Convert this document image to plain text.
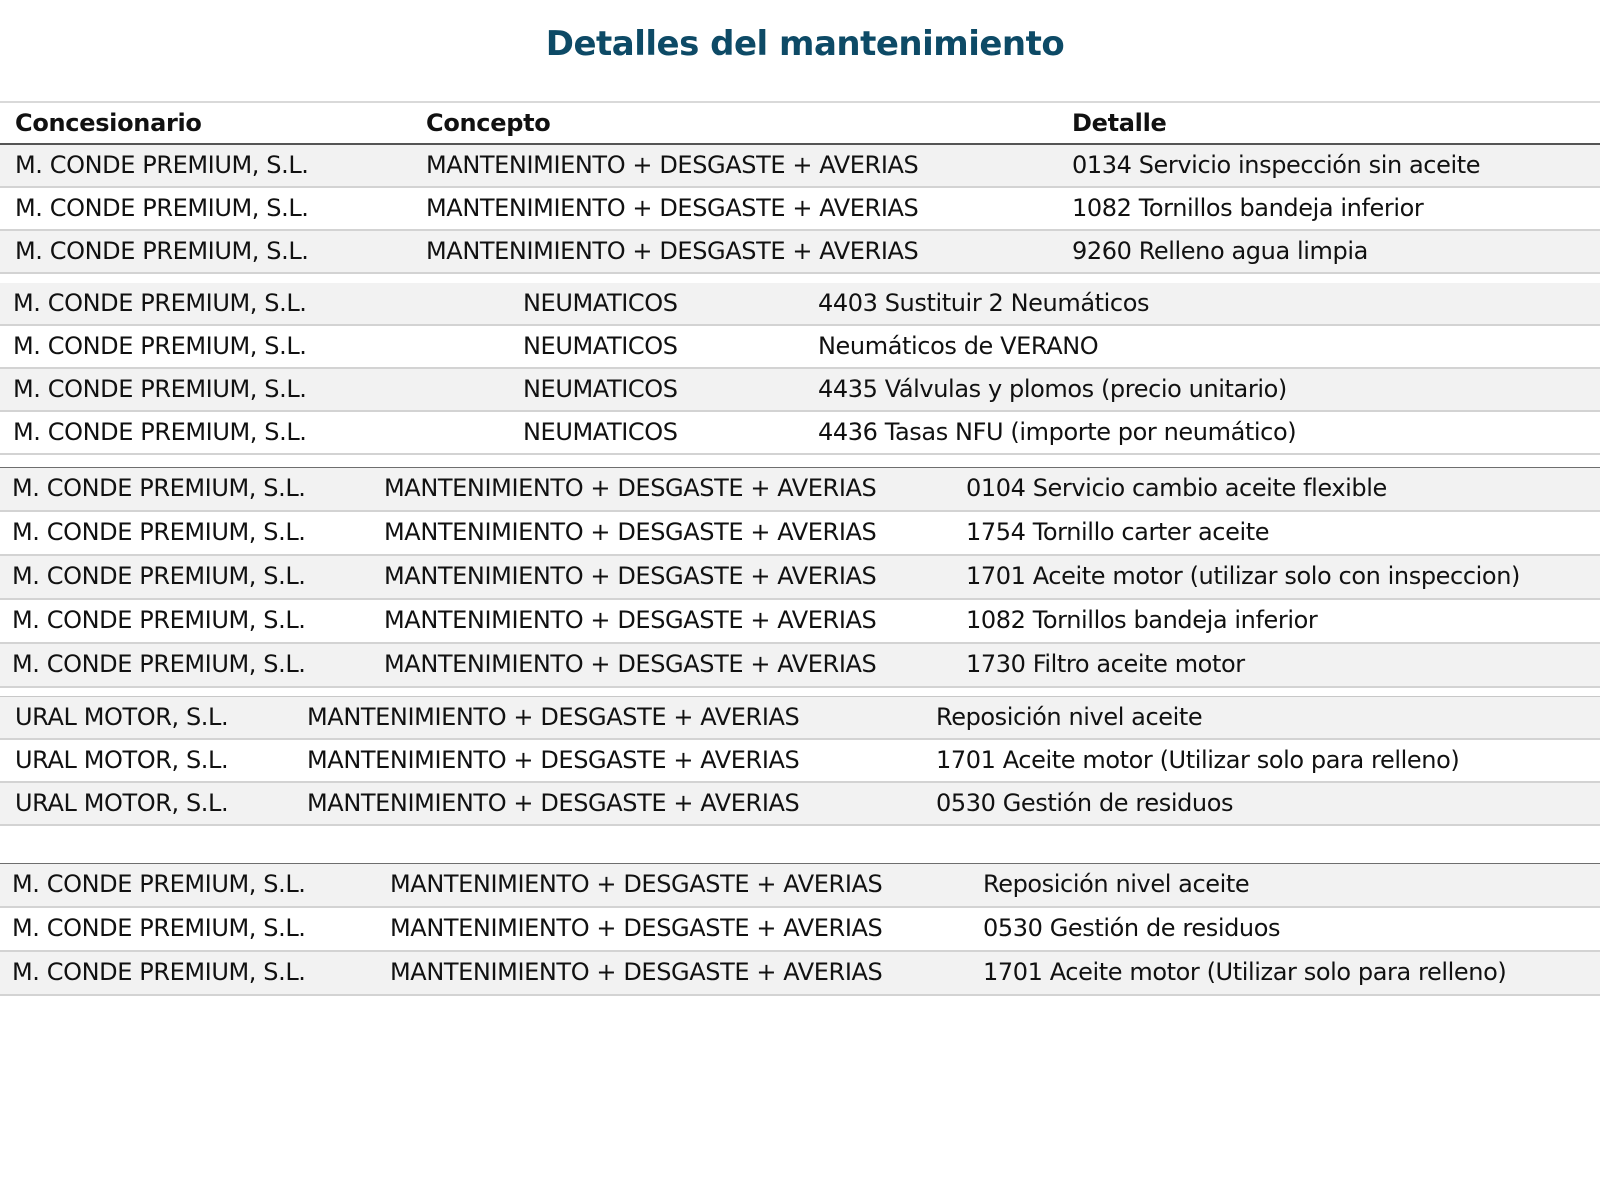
Detalles del mantenimiento
Concesionario	Concepto	Detalle
M. CONDE PREMIUM, S.L.	MANTENIMIENTO + DESGASTE + AVERIAS	0134 Servicio inspección sin aceite
M. CONDE PREMIUM, S.L.	MANTENIMIENTO + DESGASTE + AVERIAS	1082 Tornillos bandeja inferior
M. CONDE PREMIUM, S.L.	MANTENIMIENTO + DESGASTE + AVERIAS	9260 Relleno agua limpia
M. CONDE PREMIUM, S.L.	NEUMATICOS	4403 Sustituir 2 Neumáticos
M. CONDE PREMIUM, S.L.	NEUMATICOS	Neumáticos de VERANO
M. CONDE PREMIUM, S.L.	NEUMATICOS	4435 Válvulas y plomos (precio unitario)
M. CONDE PREMIUM, S.L.	NEUMATICOS	4436 Tasas NFU (importe por neumático)
M. CONDE PREMIUM, S.L.	MANTENIMIENTO + DESGASTE + AVERIAS	0104 Servicio cambio aceite flexible
M. CONDE PREMIUM, S.L.	MANTENIMIENTO + DESGASTE + AVERIAS	1754 Tornillo carter aceite
M. CONDE PREMIUM, S.L.	MANTENIMIENTO + DESGASTE + AVERIAS	1701 Aceite motor (utilizar solo con inspeccion)
M. CONDE PREMIUM, S.L.	MANTENIMIENTO + DESGASTE + AVERIAS	1082 Tornillos bandeja inferior
M. CONDE PREMIUM, S.L.	MANTENIMIENTO + DESGASTE + AVERIAS	1730 Filtro aceite motor
URAL MOTOR, S.L.	MANTENIMIENTO + DESGASTE + AVERIAS	Reposición nivel aceite
URAL MOTOR, S.L.	MANTENIMIENTO + DESGASTE + AVERIAS	1701 Aceite motor (Utilizar solo para relleno)
URAL MOTOR, S.L.	MANTENIMIENTO + DESGASTE + AVERIAS	0530 Gestión de residuos
M. CONDE PREMIUM, S.L.	MANTENIMIENTO + DESGASTE + AVERIAS	Reposición nivel aceite
M. CONDE PREMIUM, S.L.	MANTENIMIENTO + DESGASTE + AVERIAS	0530 Gestión de residuos
M. CONDE PREMIUM, S.L.	MANTENIMIENTO + DESGASTE + AVERIAS	1701 Aceite motor (Utilizar solo para relleno)
